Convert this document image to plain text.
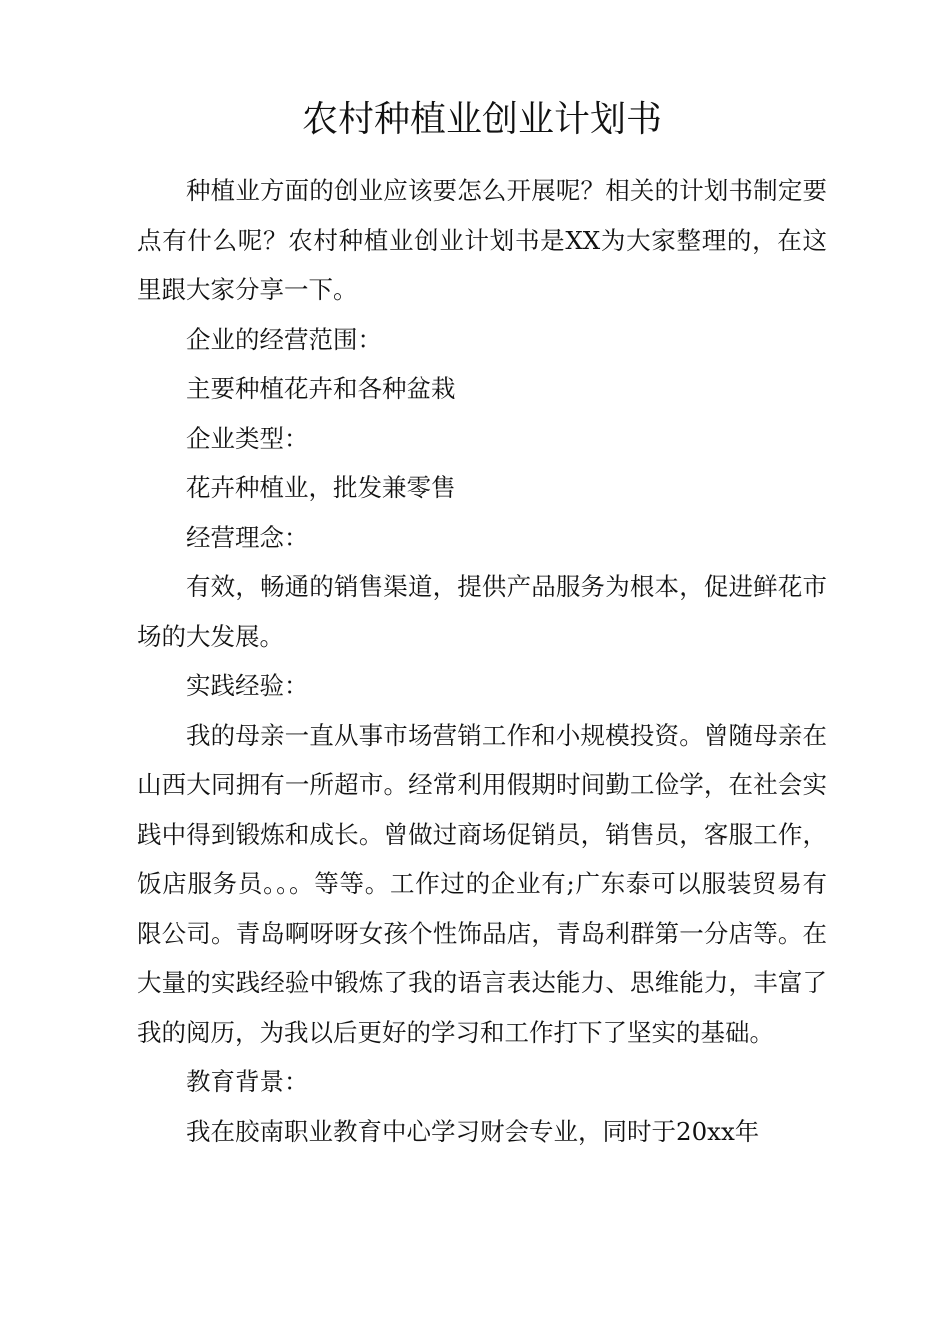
农村种植业创业计划书

种植业方面的创业应该要怎么开展呢？相关的计划书制定要点有什么呢？农村种植业创业计划书是XX为大家整理的，在这里跟大家分享一下。

企业的经营范围：

主要种植花卉和各种盆栽

企业类型：

花卉种植业，批发兼零售

经营理念：

有效，畅通的销售渠道，提供产品服务为根本，促进鲜花市场的大发展。

实践经验：

我的母亲一直从事市场营销工作和小规模投资。曾随母亲在山西大同拥有一所超市。经常利用假期时间勤工俭学，在社会实践中得到锻炼和成长。曾做过商场促销员，销售员，客服工作，饭店服务员。。。等等。工作过的企业有;广东泰可以服装贸易有限公司。青岛啊呀呀女孩个性饰品店，青岛利群第一分店等。在大量的实践经验中锻炼了我的语言表达能力、思维能力，丰富了我的阅历，为我以后更好的学习和工作打下了坚实的基础。

教育背景：

我在胶南职业教育中心学习财会专业，同时于20xx年
